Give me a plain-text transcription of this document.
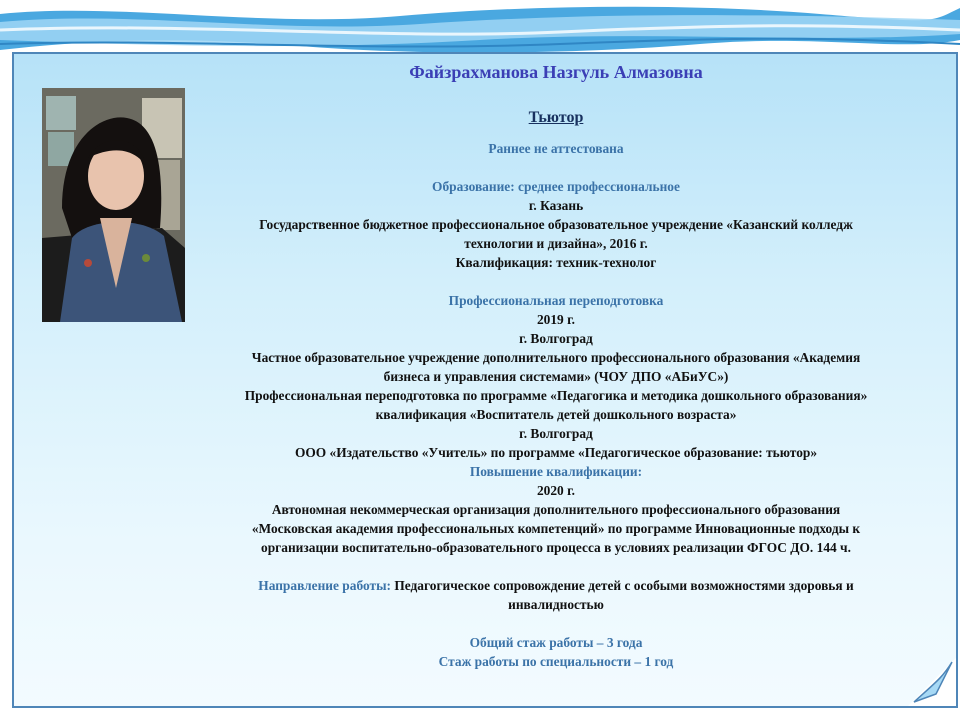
Файзрахманова Назгуль Алмазовна

Тьютор

Раннее не аттестована

Образование: среднее профессиональное

г. Казань

Государственное бюджетное профессиональное образовательное учреждение «Казанский колледж

технологии и дизайна», 2016 г.

Квалификация: техник-технолог

Профессиональная переподготовка

2019 г.

г. Волгоград

Частное образовательное учреждение дополнительного профессионального образования «Академия

бизнеса и управления системами» (ЧОУ ДПО «АБиУС»)

Профессиональная переподготовка по программе «Педагогика и методика дошкольного образования»

квалификация «Воспитатель детей дошкольного возраста»

г. Волгоград

ООО «Издательство «Учитель» по программе «Педагогическое образование: тьютор»

Повышение квалификации:

2020 г.

Автономная некоммерческая организация дополнительного профессионального образования

«Московская академия профессиональных компетенций» по программе Инновационные подходы к

организации воспитательно-образовательного процесса в условиях реализации ФГОС ДО. 144 ч.

Направление работы: Педагогическое сопровождение детей с особыми возможностями здоровья и

инвалидностью

Общий стаж работы – 3 года

Стаж работы по специальности – 1 год
